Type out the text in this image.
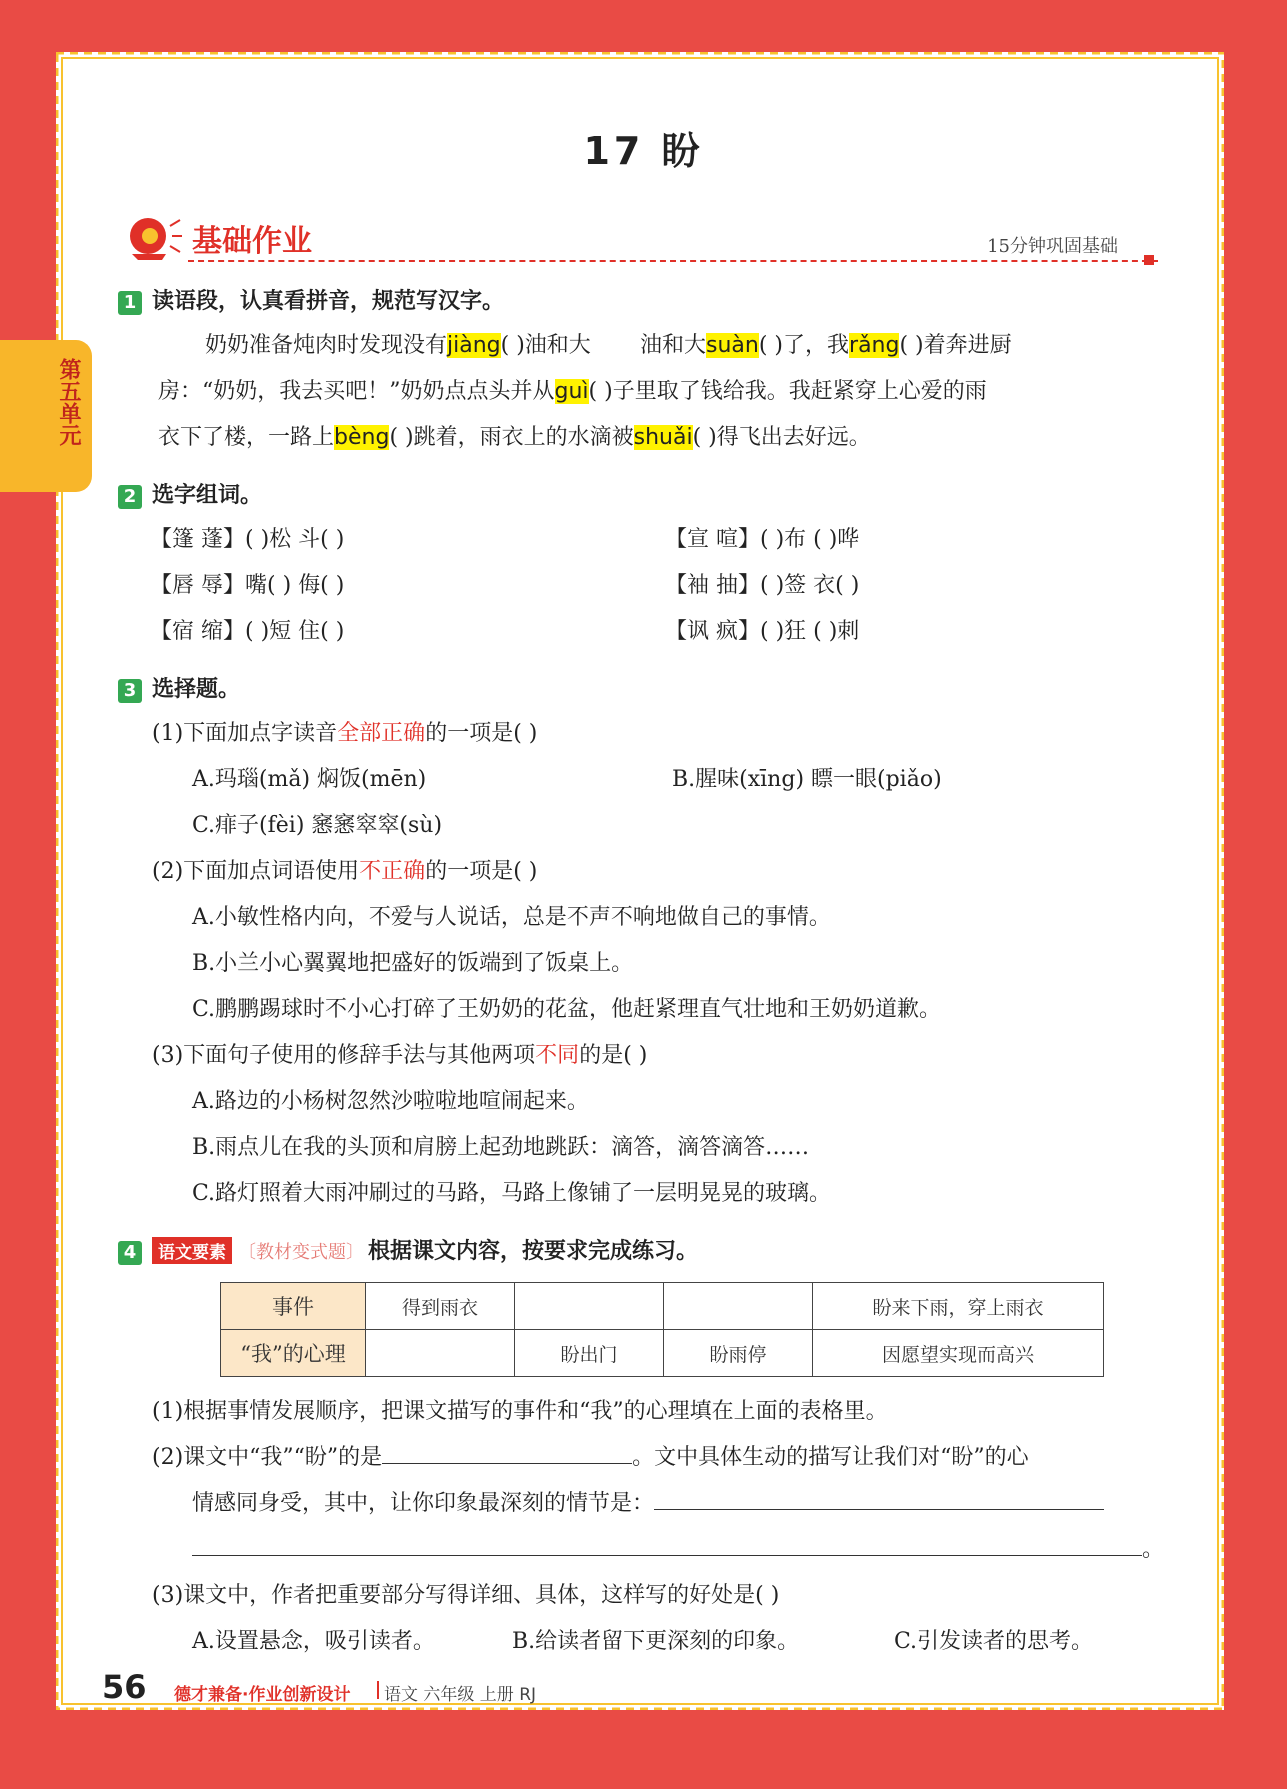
17 盼
第五单元
基础作业	15分钟巩固基础
1 读语段，认真看拼音，规范写汉字。
奶奶准备炖肉时发现没有jiàng( )油和大 油和大suàn( )了，我rǎng( )着奔进厨
房：“奶奶，我去买吧！”奶奶点点头并从guì( )子里取了钱给我。我赶紧穿上心爱的雨
衣下了楼，一路上bèng( )跳着，雨衣上的水滴被shuǎi( )得飞出去好远。
2 选字组词。
【篷 蓬】( )松 斗( )	【宣 喧】( )布 ( )哗
【唇 辱】嘴( ) 侮( )	【袖 抽】( )签 衣( )
【宿 缩】( )短 住( )	【讽 疯】( )狂 ( )刺
3 选择题。
(1)下面加点字读音全部正确的一项是( )
A.玛瑙(mǎ) 焖饭(mēn)	B.腥味(xīng) 瞟一眼(piǎo)
C.痱子(fèi) 窸窸窣窣(sù)
(2)下面加点词语使用不正确的一项是( )
A.小敏性格内向，不爱与人说话，总是不声不响地做自己的事情。
B.小兰小心翼翼地把盛好的饭端到了饭桌上。
C.鹏鹏踢球时不小心打碎了王奶奶的花盆，他赶紧理直气壮地和王奶奶道歉。
(3)下面句子使用的修辞手法与其他两项不同的是( )
A.路边的小杨树忽然沙啦啦地喧闹起来。
B.雨点儿在我的头顶和肩膀上起劲地跳跃：滴答，滴答滴答……
C.路灯照着大雨冲刷过的马路，马路上像铺了一层明晃晃的玻璃。
4 语文要素 〔教材变式题〕 根据课文内容，按要求完成练习。
事件	得到雨衣			盼来下雨，穿上雨衣
“我”的心理		盼出门	盼雨停	因愿望实现而高兴
(1)根据事情发展顺序，把课文描写的事件和“我”的心理填在上面的表格里。
(2)课文中“我”“盼”的是	。文中具体生动的描写让我们对“盼”的心
情感同身受，其中，让你印象最深刻的情节是：
。
(3)课文中，作者把重要部分写得详细、具体，这样写的好处是( )
A.设置悬念，吸引读者。	B.给读者留下更深刻的印象。	C.引发读者的思考。
56 德才兼备·作业创新设计 语文 六年级 上册 RJ
